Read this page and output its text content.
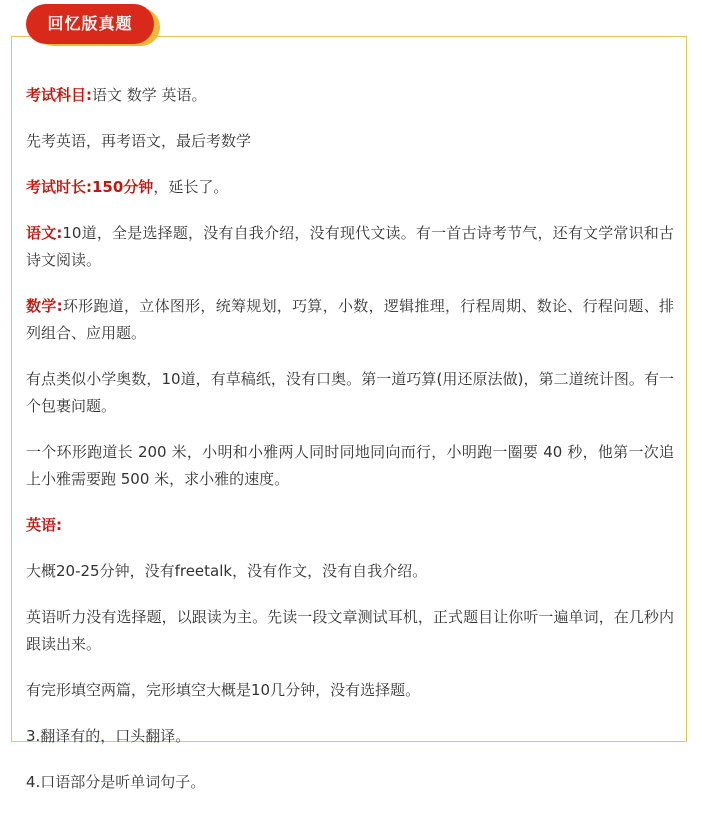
回忆版真题

考试科目:语文 数学 英语。

先考英语，再考语文，最后考数学

考试时长:150分钟，延长了。

语文:10道，全是选择题，没有自我介绍，没有现代文读。有一首古诗考节气，还有文学常识和古诗文阅读。

数学:环形跑道，立体图形，统筹规划，巧算，小数，逻辑推理，行程周期、数论、行程问题、排列组合、应用题。

有点类似小学奥数，10道，有草稿纸，没有口奥。第一道巧算(用还原法做)，第二道统计图。有一个包裹问题。

一个环形跑道长 200 米，小明和小雅两人同时同地同向而行，小明跑一圈要 40 秒，他第一次追上小雅需要跑 500 米，求小雅的速度。

英语:

大概20-25分钟，没有freetalk，没有作文，没有自我介绍。

英语听力没有选择题，以跟读为主。先读一段文章测试耳机，正式题目让你听一遍单词，在几秒内跟读出来。

有完形填空两篇，完形填空大概是10几分钟，没有选择题。

3.翻译有的，口头翻译。

4.口语部分是听单词句子。
